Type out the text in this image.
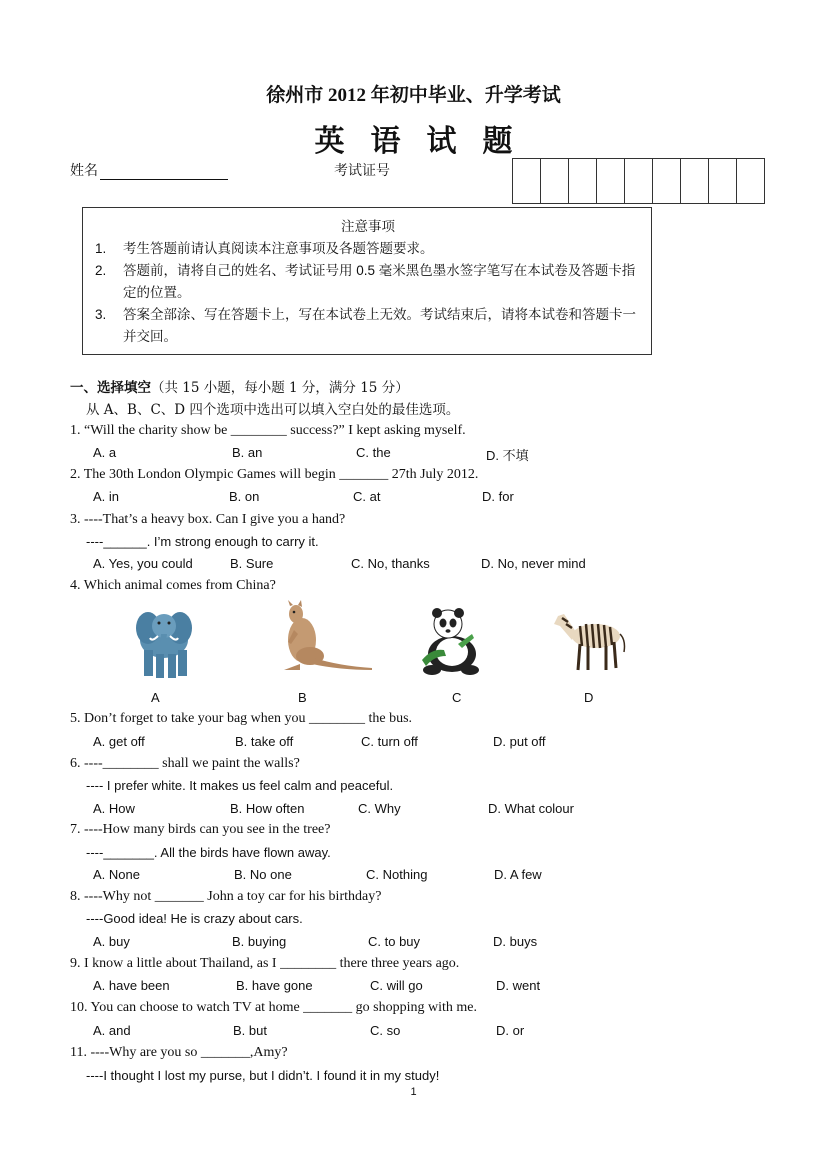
徐州市 2012 年初中毕业、升学考试
英语试题
姓名	考试证号
注意事项
1.	考生答题前请认真阅读本注意事项及各题答题要求。
2.	答题前，请将自己的姓名、考试证号用 0.5 毫米黑色墨水签字笔写在本试卷及答题卡指定的位置。
3.	答案全部涂、写在答题卡上，写在本试卷上无效。考试结束后，请将本试卷和答题卡一并交回。
一、选择填空（共 15 小题，每小题 1 分，满分 15 分）
从 A、B、C、D 四个选项中选出可以填入空白处的最佳选项。
1. “Will the charity show be ________ success?” I kept asking myself.
A. a	B. an	C. the	D. 不填
2. The 30th London Olympic Games will begin _______ 27th July 2012.
A. in	B. on	C. at	D. for
3. ----That’s a heavy box. Can I give you a hand?
----______. I’m strong enough to carry it.
A. Yes, you could	B. Sure	C. No, thanks	D. No, never mind
4. Which animal comes from China?
A	B	C	D
5. Don’t forget to take your bag when you ________ the bus.
A. get off	B. take off	C. turn off	D. put off
6. ----________ shall we paint the walls?
---- I prefer white. It makes us feel calm and peaceful.
A. How	B. How often	C. Why	D. What colour
7. ----How many birds can you see in the tree?
----_______. All the birds have flown away.
A. None	B. No one	C. Nothing	D. A few
8. ----Why not _______ John a toy car for his birthday?
----Good idea! He is crazy about cars.
A. buy	B. buying	C. to buy	D. buys
9. I know a little about Thailand, as I ________ there three years ago.
A. have been	B. have gone	C. will go	D. went
10. You can choose to watch TV at home _______ go shopping with me.
A. and	B. but	C. so	D. or
11. ----Why are you so _______,Amy?
----I thought I lost my purse, but I didn’t. I found it in my study!
1
